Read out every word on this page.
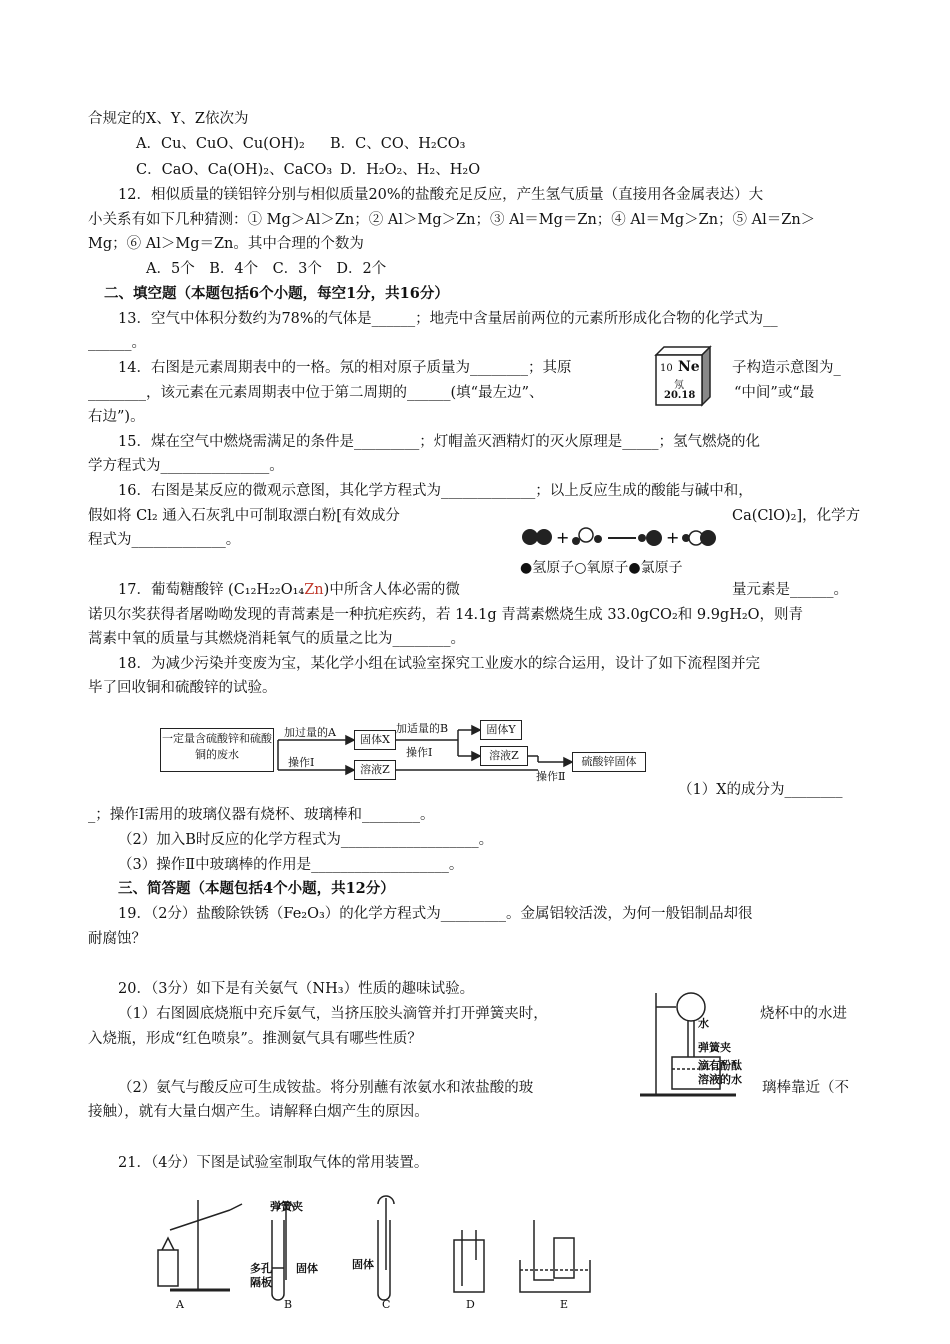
合规定的X、Y、Z依次为
A．Cu、CuO、Cu(OH)₂ B．C、CO、H₂CO₃
C．CaO、Ca(OH)₂、CaCO₃ D．H₂O₂、H₂、H₂O
12．相似质量的镁铝锌分别与相似质量20%的盐酸充足反应，产生氢气质量（直接用各金属表达）大
小关系有如下几种猜测：① Mg＞Al＞Zn；② Al＞Mg＞Zn；③ Al＝Mg＝Zn；④ Al＝Mg＞Zn；⑤ Al＝Zn＞
Mg；⑥ Al＞Mg＝Zn。其中合理的个数为
A．5个　B．4个　C．3个　D．2个
二、填空题（本题包括6个小题，每空1分，共16分）
13．空气中体积分数约为78%的气体是______；地壳中含量居前两位的元素所形成化合物的化学式为__
______。
14．右图是元素周期表中的一格。氖的相对原子质量为________；其原	子构造示意图为_
________，该元素在元素周期表中位于第二周期的______(填“最左边”、	“中间”或“最
右边”)。
10 Ne
氖
20.18
15．煤在空气中燃烧需满足的条件是_________；灯帽盖灭酒精灯的灭火原理是_____；氢气燃烧的化
学方程式为_______________。
16．右图是某反应的微观示意图，其化学方程式为_____________；以上反应生成的酸能与碱中和，
假如将 Cl₂ 通入石灰乳中可制取漂白粉[有效成分	Ca(ClO)₂]，化学方
程式为_____________。	+	+
●氢原子○氧原子●氯原子
17．葡萄糖酸锌 (C₁₂H₂₂O₁₄Zn)中所含人体必需的微	量元素是______。
诺贝尔奖获得者屠呦呦发现的青蒿素是一种抗疟疾药，若 14.1g 青蒿素燃烧生成 33.0gCO₂和 9.9gH₂O，则青
蒿素中氧的质量与其燃烧消耗氧气的质量之比为________。
18．为减少污染并变废为宝，某化学小组在试验室探究工业废水的综合运用，设计了如下流程图并完
毕了回收铜和硫酸锌的试验。
一定量含硫酸锌和硫酸铜的废水
加过量的A
操作Ⅰ
固体X
溶液Z
加适量的B
操作Ⅰ
固体Y
溶液Z
操作Ⅱ
硫酸锌固体
（1）X的成分为________
_；操作Ⅰ需用的玻璃仪器有烧杯、玻璃棒和________。
（2）加入B时反应的化学方程式为___________________。
（3）操作Ⅱ中玻璃棒的作用是___________________。
三、简答题（本题包括4个小题，共12分）
19．（2分）盐酸除铁锈（Fe₂O₃）的化学方程式为_________。金属铝较活泼，为何一般铝制品却很
耐腐蚀？
20．（3分）如下是有关氨气（NH₃）性质的趣味试验。
（1）右图圆底烧瓶中充斥氨气，当挤压胶头滴管并打开弹簧夹时，	烧杯中的水进
入烧瓶，形成“红色喷泉”。推测氨气具有哪些性质？
（2）氨气与酸反应可生成铵盐。将分别蘸有浓氨水和浓盐酸的玻	璃棒靠近（不
接触），就有大量白烟产生。请解释白烟产生的原因。
水
弹簧夹
滴有酚酞
溶液的水
21．（4分）下图是试验室制取气体的常用装置。
弹簧夹
多孔
隔板
固体	固体
A	B	C	D	E
